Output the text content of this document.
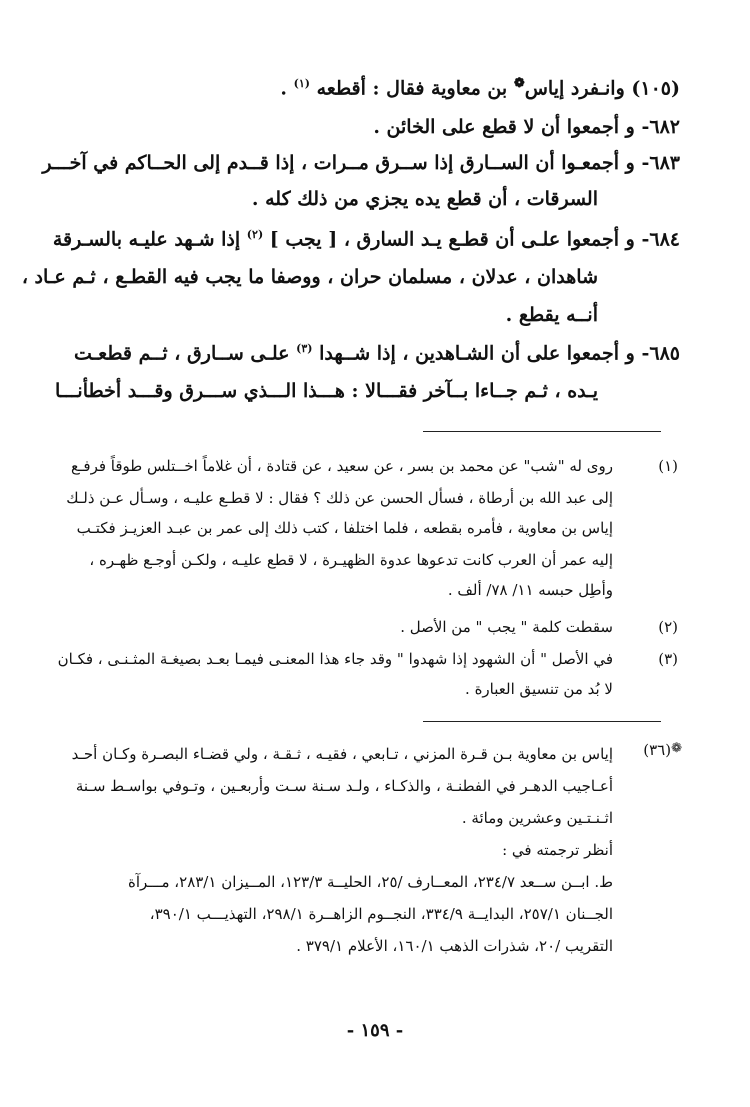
(١٠٥) وانـفرد إياس❁ بن معاوية فقال : أقطعه $^{(١)}$ .
٦٨٢- و أجمعوا أن لا قطع على الخائن .
٦٨٣- و أجمعـوا أن الســارق إذا ســرق مــرات ، إذا قــدم إلى الحــاكم في آخـــر
السرقات ، أن قطع يده يجزي من ذلك كله .
٦٨٤- و أجمعوا علـى أن قطـع يـد السارق ، [ يجب ] $^{(٢)}$ إذا شـهد عليـه بالسـرقة
شاهدان ، عدلان ، مسلمان حران ، ووصفا ما يجب فيه القطـع ، ثـم عـاد ،
أنــه يقطع .
٦٨٥- و أجمعوا على أن الشـاهدين ، إذا شــهدا $^{(٣)}$ علـى ســارق ، ثــم قطعـت
يـده ، ثـم جــاءا بــآخر فقـــالا : هـــذا الـــذي ســـرق وقـــد أخطأنـــا
(١)
روى له "شب" عن محمد بن بسر ، عن سعيد ، عن قتادة ، أن غلاماً اخــتلس طوقاً فرفـع
إلى عبد الله بن أرطاة ، فسأل الحسن عن ذلك ؟ فقال : لا قطـع عليـه ، وسـأل عـن ذلـك
إياس بن معاوية ، فأمره بقطعه ، فلما اختلفا ، كتب ذلك إلى عمر بن عبـد العزيـز فكتـب
إليه عمر أن العرب كانت تدعوها عدوة الظهيـرة ، لا قطع عليـه ، ولكـن أوجـع ظهـره ،
وأطِل حبسه ١١/ ٧٨/ ألف .
(٢)
سقطت كلمة " يجب " من الأصل .
(٣)
في الأصل " أن الشهود إذا شهدوا " وقد جاء هذا المعنـى فيمـا بعـد بصيغـة المثـنـى ، فكـان
لا بُد من تنسيق العبارة .
❁(٣٦)
إياس بن معاوية بـن قـرة المزني ، تـابعي ، فقيـه ، ثـقـة ، ولي قضـاء البصـرة وكـان أحـد
أعـاجيب الدهـر في الفطنـة ، والذكـاء ، ولـد سـنة سـت وأربعـين ، وتـوفي بواسـط سـنة
اثـنـتـين وعشرين ومائة .
أنظر ترجمته في :
ط. ابــن ســعد ٢٣٤/٧، المعــارف /٢٥، الحليــة ١٢٣/٣، المــيزان ٢٨٣/١، مـــرآة
الجــنان ٢٥٧/١، البدايــة ٣٣٤/٩، النجــوم الزاهــرة ٢٩٨/١، التهذيـــب ٣٩٠/١،
التقريب /٢٠، شذرات الذهب ١٦٠/١، الأعلام ٣٧٩/١ .
- ١٥٩ -
